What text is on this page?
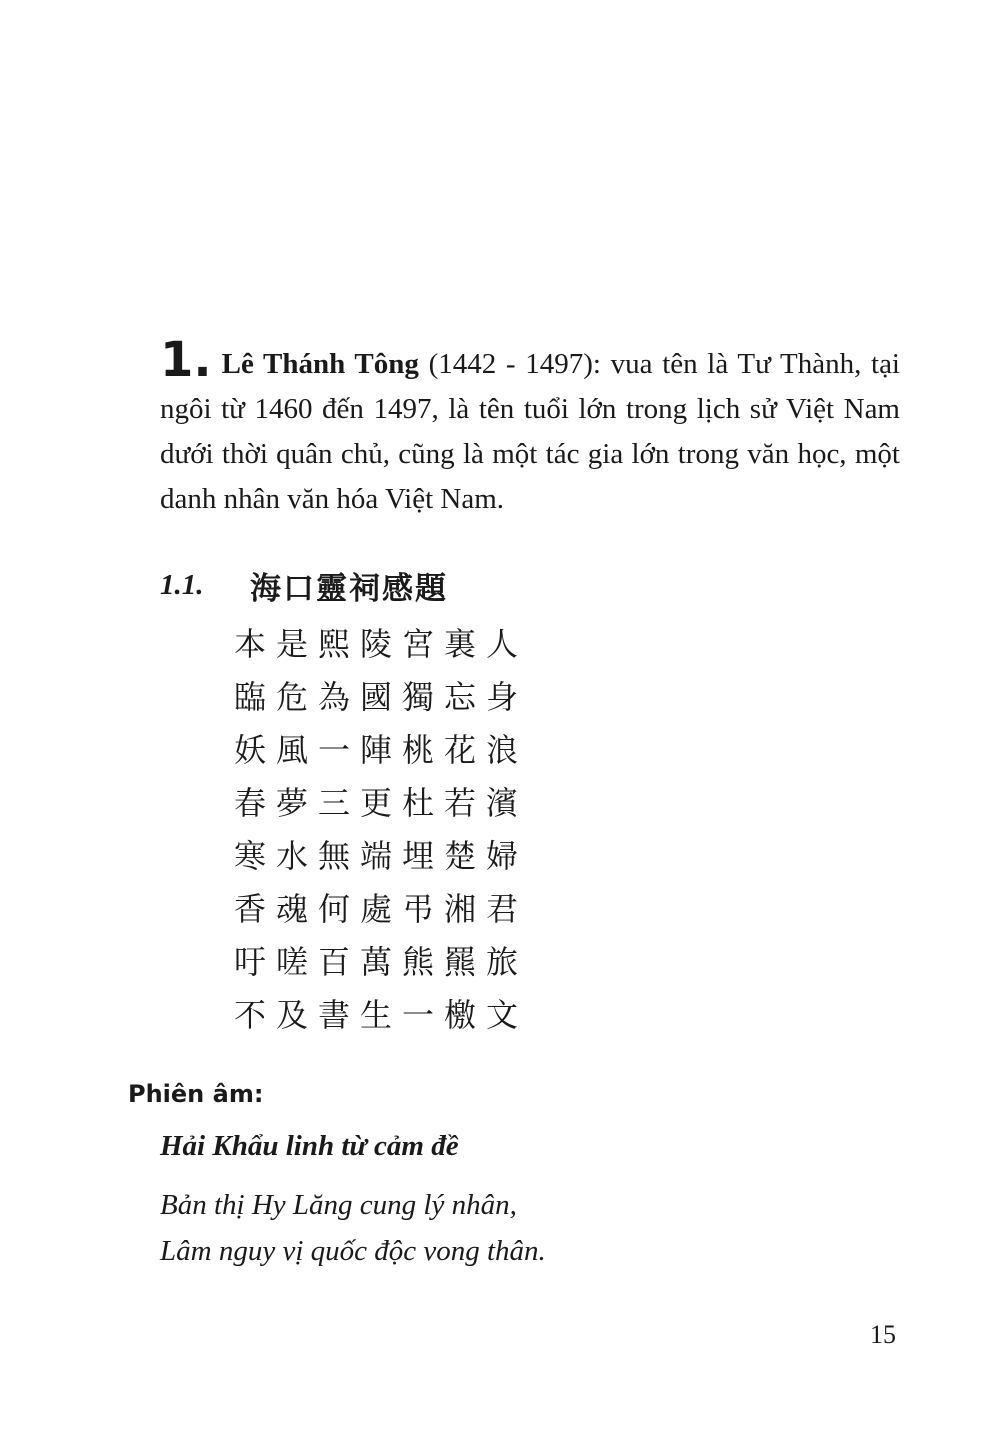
1. Lê Thánh Tông (1442 - 1497): vua tên là Tư Thành, tại ngôi từ 1460 đến 1497, là tên tuổi lớn trong lịch sử Việt Nam dưới thời quân chủ, cũng là một tác gia lớn trong văn học, một danh nhân văn hóa Việt Nam.
1.1.	海口靈祠感題
本是熙陵宮裏人
臨危為國獨忘身
妖風一陣桃花浪
春夢三更杜若濱
寒水無端埋楚婦
香魂何處弔湘君
吁嗟百萬熊羆旅
不及書生一檄文
Phiên âm:
Hải Khẩu linh từ cảm đề
Bản thị Hy Lăng cung lý nhân,
Lâm nguy vị quốc độc vong thân.
15
